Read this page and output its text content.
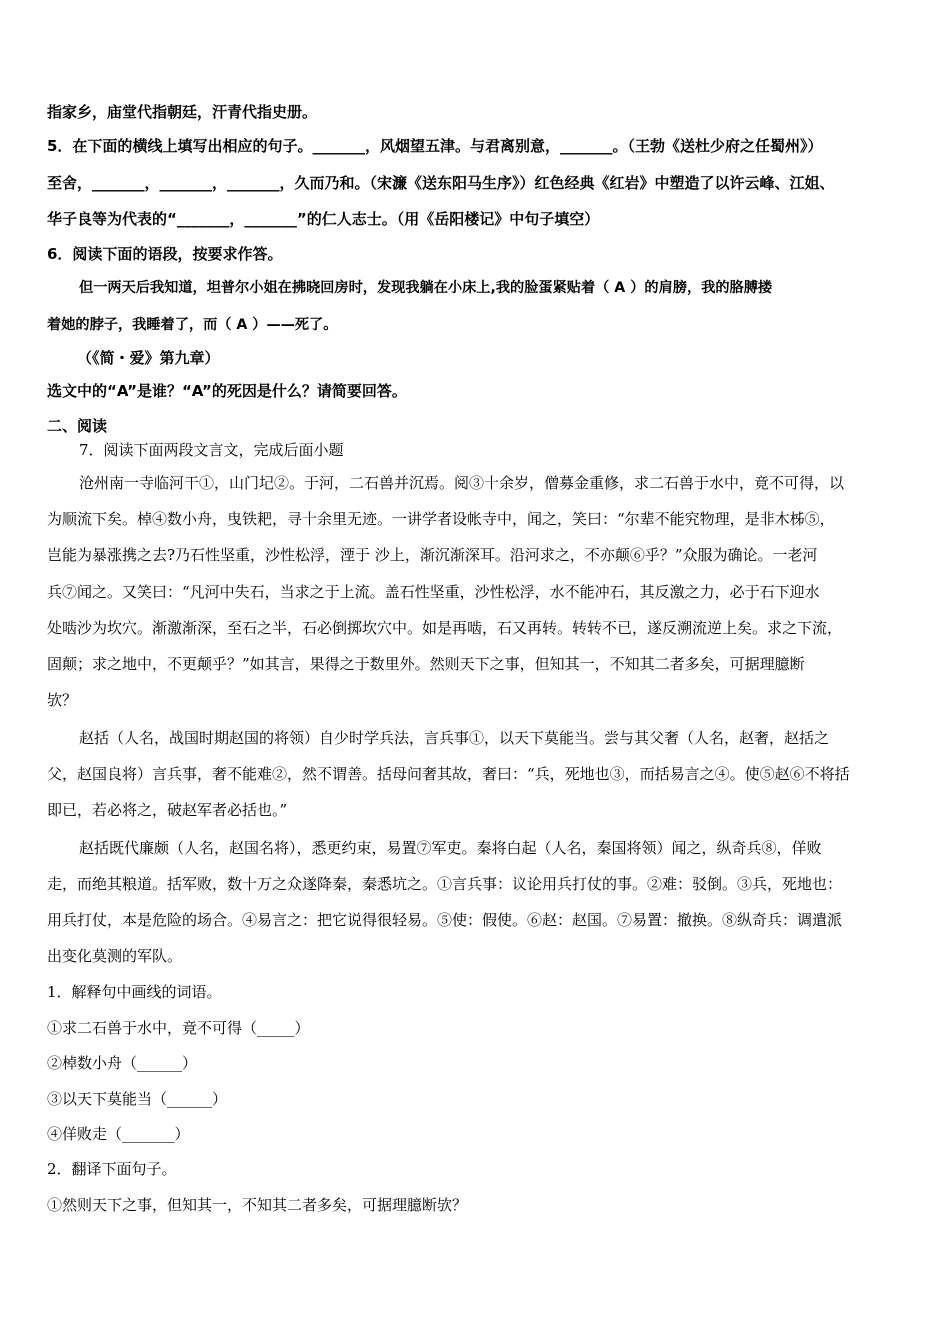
指家乡，庙堂代指朝廷，汗青代指史册。
5．在下面的横线上填写出相应的句子。_______，风烟望五津。与君离别意，_______。（王勃《送杜少府之任蜀州》）
至舍，_______，_______，_______，久而乃和。（宋濂《送东阳马生序》）红色经典《红岩》中塑造了以许云峰、江姐、
华子良等为代表的“_______，_______”的仁人志士。（用《岳阳楼记》中句子填空）
6．阅读下面的语段，按要求作答。
但一两天后我知道，坦普尔小姐在拂晓回房时，发现我躺在小床上,我的脸蛋紧贴着（ A ）的肩膀，我的胳膊搂
着她的脖子，我睡着了，而（ A ）——死了。
（《简・爱》第九章）
选文中的“A”是谁？“A”的死因是什么？请简要回答。
二、阅读
7．阅读下面两段文言文，完成后面小题
沧州南一寺临河干①，山门圮②。于河，二石兽并沉焉。阅③十余岁，僧募金重修，求二石兽于水中，竟不可得，以
为顺流下矣。棹④数小舟，曳铁耙，寻十余里无迹。一讲学者设帐寺中，闻之，笑曰：“尔辈不能究物理，是非木柹⑤，
岂能为暴涨携之去?乃石性坚重，沙性松浮，湮于 沙上，渐沉渐深耳。沿河求之，不亦颠⑥乎？”众服为确论。一老河
兵⑦闻之。又笑曰：“凡河中失石，当求之于上流。盖石性坚重，沙性松浮，水不能冲石，其反激之力，必于石下迎水
处啮沙为坎穴。渐激渐深，至石之半，石必倒掷坎穴中。如是再啮，石又再转。转转不已，遂反溯流逆上矣。求之下流，
固颠；求之地中，不更颠乎？”如其言，果得之于数里外。然则天下之事，但知其一，不知其二者多矣，可据理臆断
欤？
赵括（人名，战国时期赵国的将领）自少时学兵法，言兵事①，以天下莫能当。尝与其父奢（人名，赵奢，赵括之
父，赵国良将）言兵事，奢不能难②，然不谓善。括母问奢其故，奢曰：“兵，死地也③，而括易言之④。使⑤赵⑥不将括
即已，若必将之，破赵军者必括也。”
赵括既代廉颇（人名，赵国名将），悉更约束，易置⑦军吏。秦将白起（人名，秦国将领）闻之，纵奇兵⑧，佯败
走，而绝其粮道。括军败，数十万之众遂降秦，秦悉坑之。①言兵事：议论用兵打仗的事。②难：驳倒。③兵，死地也：
用兵打仗，本是危险的场合。④易言之：把它说得很轻易。⑤使：假使。⑥赵：赵国。⑦易置：撤换。⑧纵奇兵：调遣派
出变化莫测的军队。
1．解释句中画线的词语。
①求二石兽于水中，竟不可得（_____）
②棹数小舟（______）
③以天下莫能当（______）
④佯败走（_______）
2．翻译下面句子。
①然则天下之事，但知其一，不知其二者多矣，可据理臆断欤？
